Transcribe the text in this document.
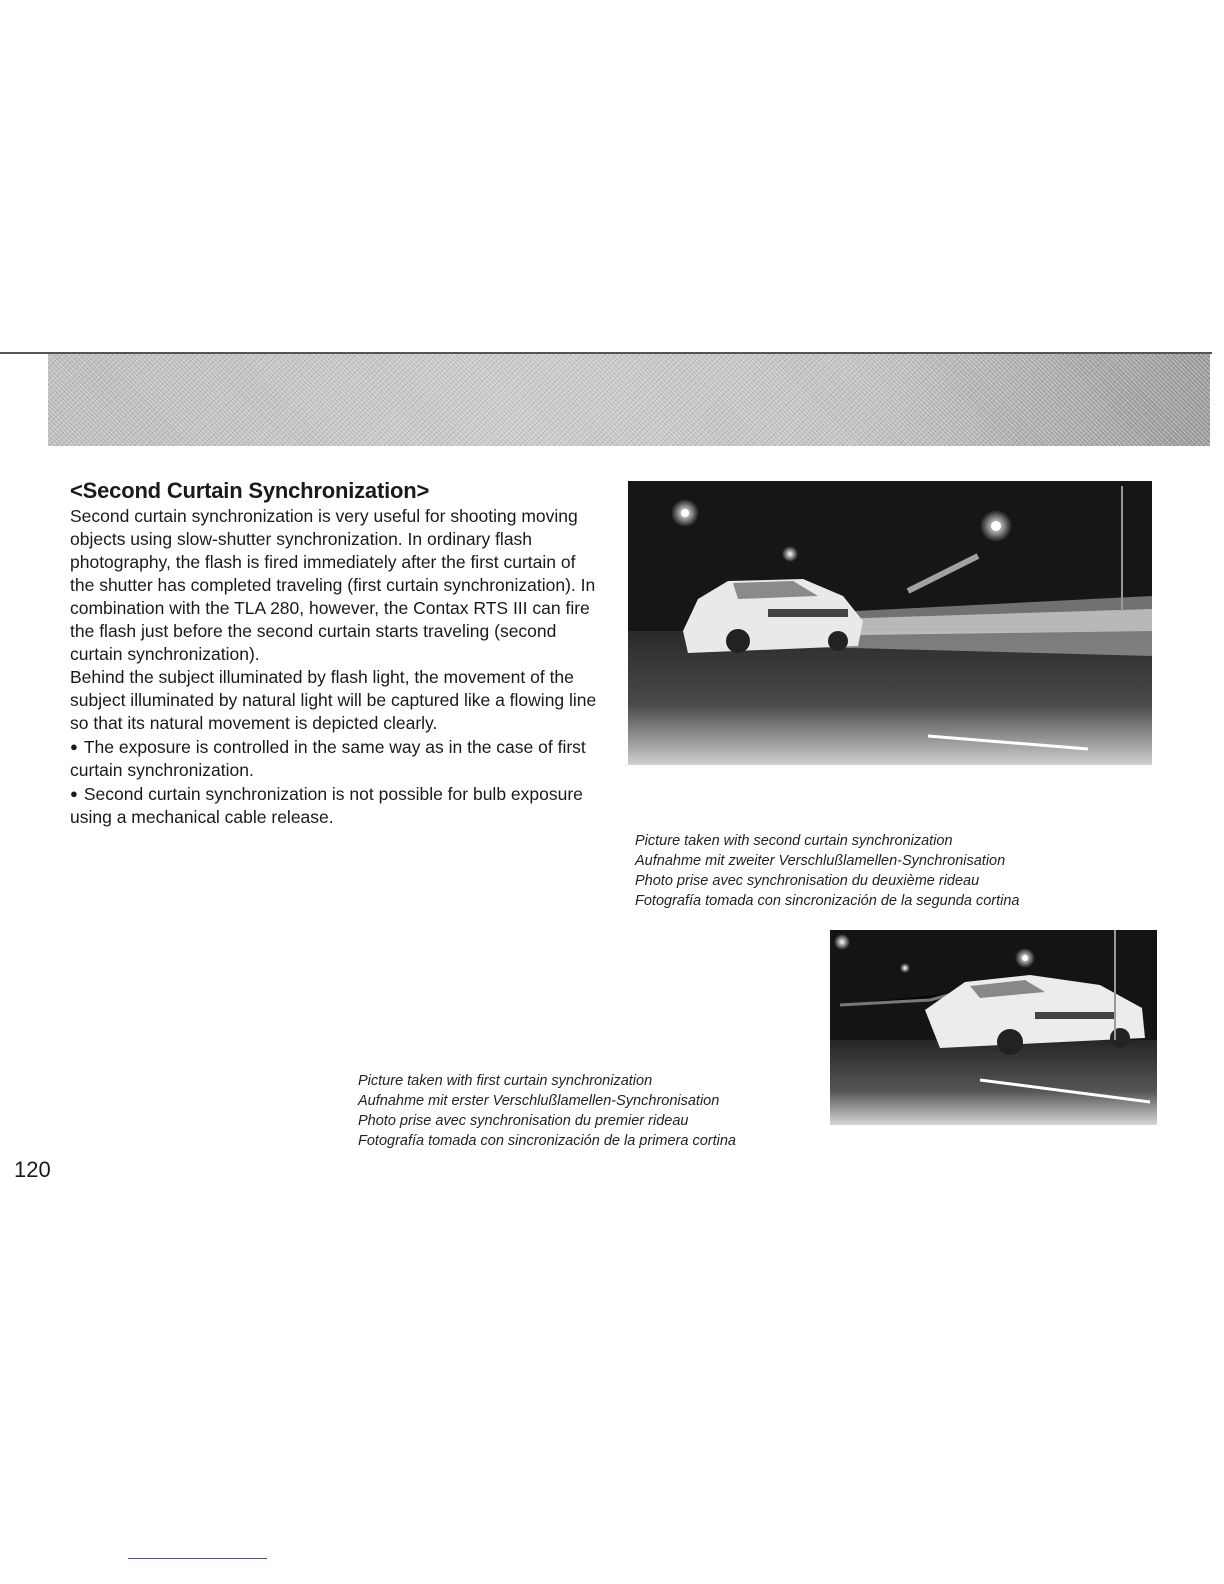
<Second Curtain Synchronization>

Second curtain synchronization is very useful for shooting moving objects using slow-shutter synchronization. In ordinary flash photography, the flash is fired immediately after the first curtain of the shutter has completed traveling (first curtain synchronization). In combination with the TLA 280, however, the Contax RTS III can fire the flash just before the second curtain starts traveling (second curtain synchronization).

Behind the subject illuminated by flash light, the movement of the subject illuminated by natural light will be captured like a flowing line so that its natural movement is depicted clearly.

● The exposure is controlled in the same way as in the case of first curtain synchronization.

● Second curtain synchronization is not possible for bulb exposure using a mechanical cable release.

Picture taken with second curtain synchronization

Aufnahme mit zweiter Verschlußlamellen-Synchronisation

Photo prise avec synchronisation du deuxième rideau

Fotografía tomada con sincronización de la segunda cortina

Picture taken with first curtain synchronization

Aufnahme mit erster Verschlußlamellen-Synchronisation

Photo prise avec synchronisation du premier rideau

Fotografía tomada con sincronización de la primera cortina

120
